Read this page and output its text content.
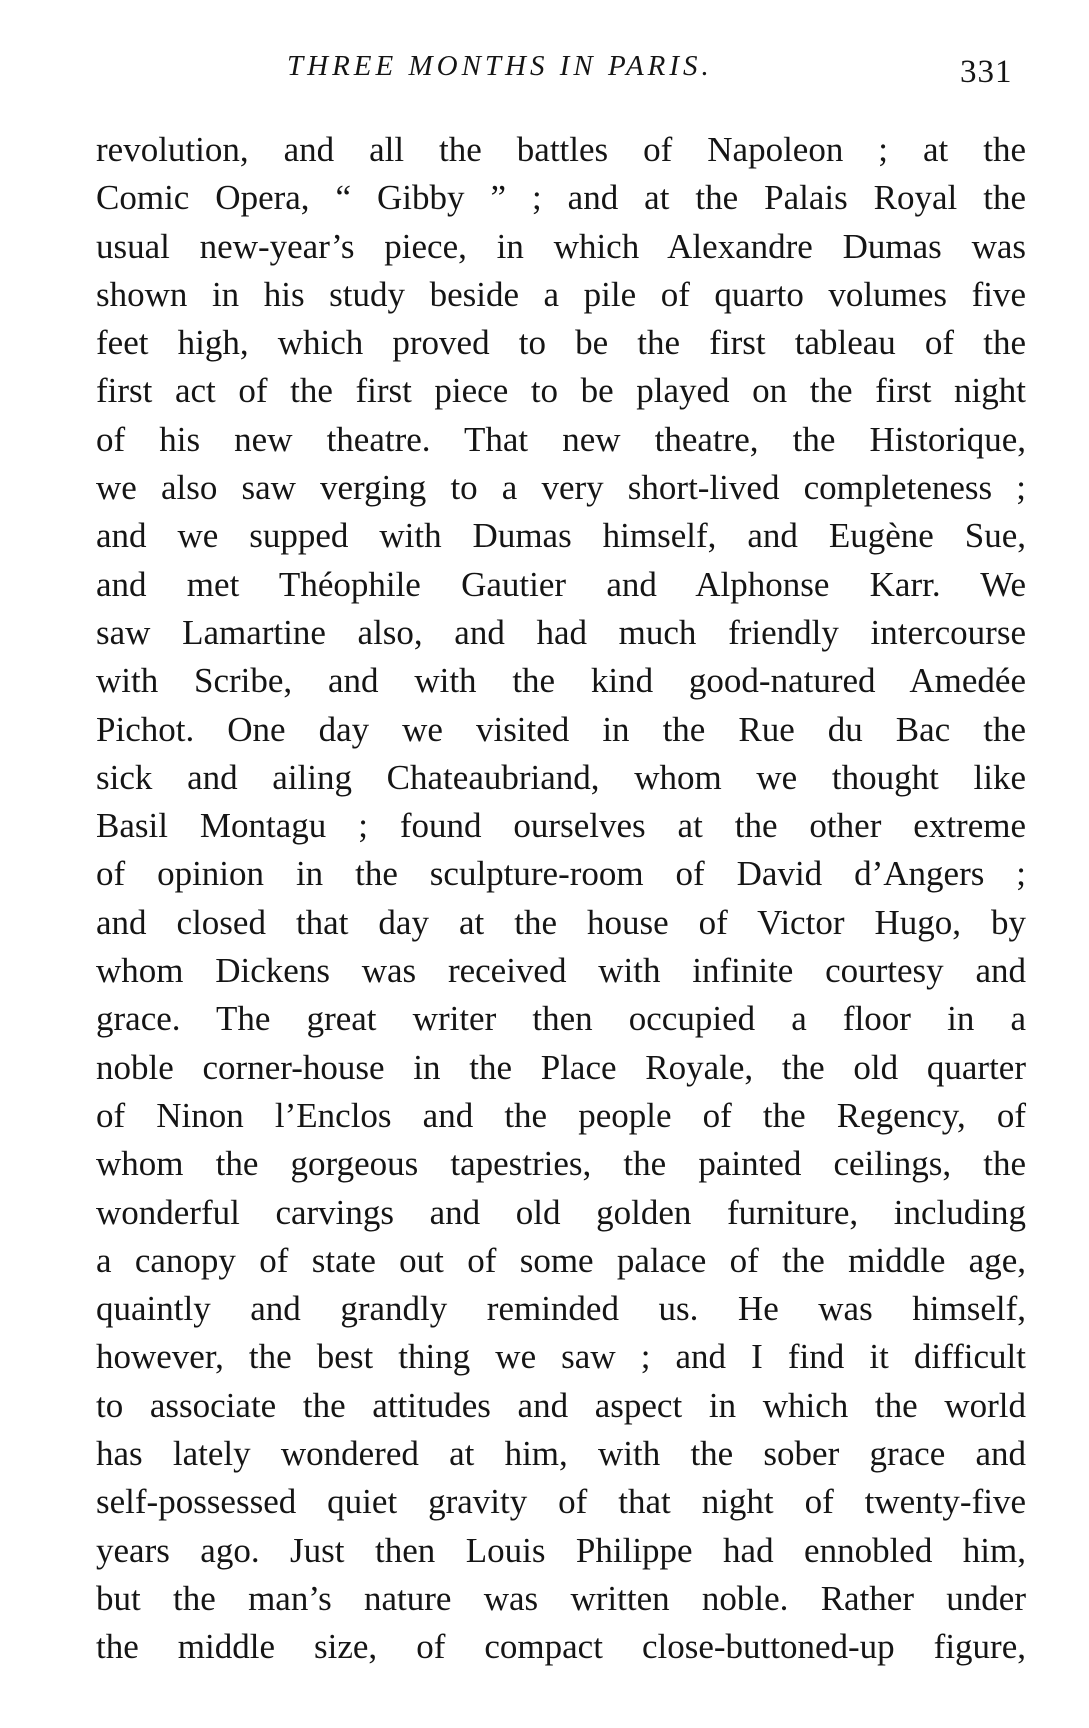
THREE MONTHS IN PARIS.	331
revolution, and all the battles of Napoleon ; at the
Comic Opera, “ Gibby ” ; and at the Palais Royal the
usual new-year’s piece, in which Alexandre Dumas was
shown in his study beside a pile of quarto volumes five
feet high, which proved to be the first tableau of the
first act of the first piece to be played on the first night
of his new theatre. That new theatre, the Historique,
we also saw verging to a very short-lived completeness ;
and we supped with Dumas himself, and Eugène Sue,
and met Théophile Gautier and Alphonse Karr. We
saw Lamartine also, and had much friendly intercourse
with Scribe, and with the kind good-natured Amedée
Pichot. One day we visited in the Rue du Bac the
sick and ailing Chateaubriand, whom we thought like
Basil Montagu ; found ourselves at the other extreme
of opinion in the sculpture-room of David d’Angers ;
and closed that day at the house of Victor Hugo, by
whom Dickens was received with infinite courtesy and
grace. The great writer then occupied a floor in a
noble corner-house in the Place Royale, the old quarter
of Ninon l’Enclos and the people of the Regency, of
whom the gorgeous tapestries, the painted ceilings, the
wonderful carvings and old golden furniture, including
a canopy of state out of some palace of the middle age,
quaintly and grandly reminded us. He was himself,
however, the best thing we saw ; and I find it difficult
to associate the attitudes and aspect in which the world
has lately wondered at him, with the sober grace and
self-possessed quiet gravity of that night of twenty-five
years ago. Just then Louis Philippe had ennobled him,
but the man’s nature was written noble. Rather under
the middle size, of compact close-buttoned-up figure,
